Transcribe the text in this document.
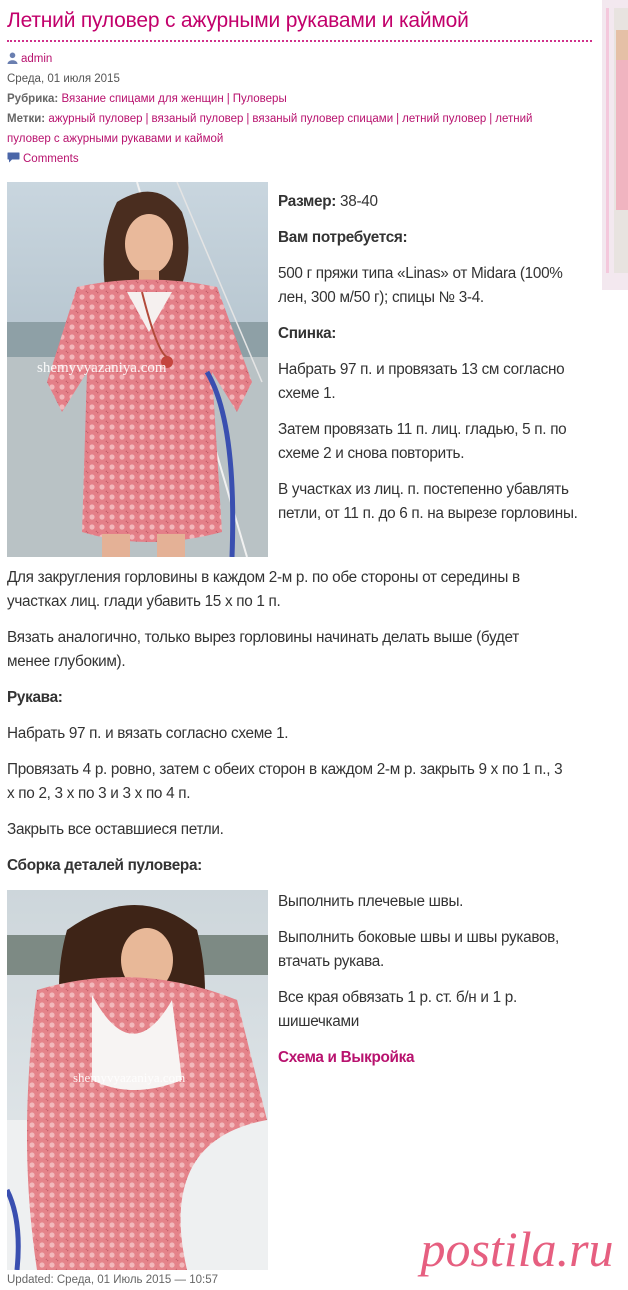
Летний пуловер с ажурными рукавами и каймой
admin
Среда, 01 июля 2015
Рубрика: Вязание спицами для женщин | Пуловеры
Метки: ажурный пуловер | вязаный пуловер | вязаный пуловер спицами | летний пуловер | летний
пуловер с ажурными рукавами и каймой
Comments
shemyvyazaniya.com
Размер: 38-40
Вам потребуется:
500 г пряжи типа «Linas» от Midara (100%
лен, 300 м/50 г); спицы № 3-4.
Спинка:
Набрать 97 п. и провязать 13 см согласно
схеме 1.
Затем провязать 11 п. лиц. гладью, 5 п. по
схеме 2 и снова повторить.
В участках из лиц. п. постепенно убавлять
петли, от 11 п. до 6 п. на вырезе горловины.
Для закругления горловины в каждом 2-м р. по обе стороны от середины в
участках лиц. глади убавить 15 х по 1 п.
Вязать аналогично, только вырез горловины начинать делать выше (будет
менее глубоким).
Рукава:
Набрать 97 п. и вязать согласно схеме 1.
Провязать 4 р. ровно, затем с обеих сторон в каждом 2-м р. закрыть 9 х по 1 п., 3
х по 2, 3 х по 3 и 3 х по 4 п.
Закрыть все оставшиеся петли.
Сборка деталей пуловера:
shemyvyazaniya.com
Выполнить плечевые швы.
Выполнить боковые швы и швы рукавов,
втачать рукава.
Все края обвязать 1 р. ст. б/н и 1 р.
шишечками
Схема и Выкройка
postila.ru
Updated: Среда, 01 Июль 2015 — 10:57
